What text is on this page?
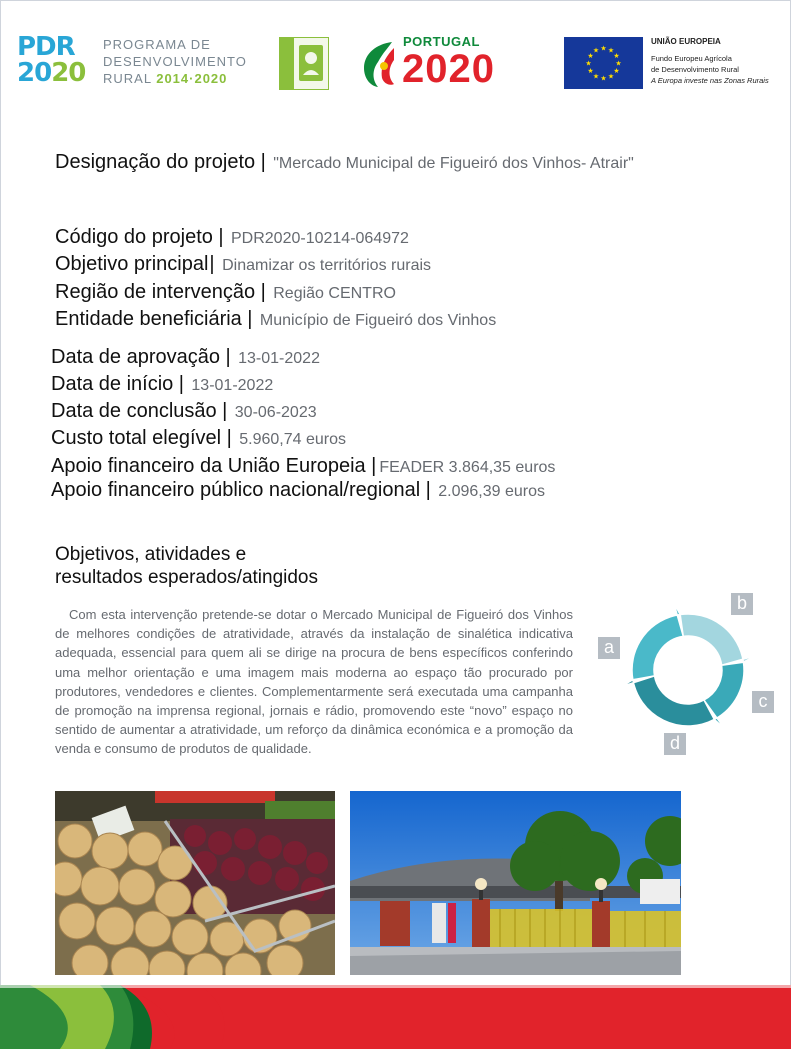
PDR
2020
PROGRAMA DE
DESENVOLVIMENTO
RURAL 2014·2020
PORTUGAL
2020	★ ★
★
★
★
★
★
★
★
★
★
★
UNIÃO EUROPEIA
Fundo Europeu Agrícola
de Desenvolvimento Rural
A Europa investe nas Zonas Rurais
Designação do projeto | "Mercado Municipal de Figueiró dos Vinhos- Atrair"
Código do projeto | PDR2020-10214-064972
Objetivo principal| Dinamizar os territórios rurais
Região de intervenção | Região CENTRO
Entidade beneficiária | Município de Figueiró dos Vinhos
Data de aprovação | 13-01-2022
Data de início | 13-01-2022
Data de conclusão | 30-06-2023
Custo total elegível | 5.960,74 euros
Apoio financeiro da União Europeia | FEADER 3.864,35 euros
Apoio financeiro público nacional/regional | 2.096,39 euros
Objetivos, atividades e
resultados esperados/atingidos

Com esta intervenção pretende-se dotar o Mercado Municipal de Figueiró dos Vinhos de melhores condições de atratividade, através da instalação de sinalética indicativa adequada, essencial para quem ali se dirige na procura de bens específicos conferindo uma melhor orientação e uma imagem mais moderna ao espaço tão procurado por produtores, vendedores e clientes. Complementarmente será executada uma campanha de promoção na imprensa regional, jornais e rádio, promovendo este “novo” espaço no sentido de aumentar a atratividade, um reforço da dinâmica económica e a promoção da venda e consumo de produtos de qualidade.

a
b
c
d
